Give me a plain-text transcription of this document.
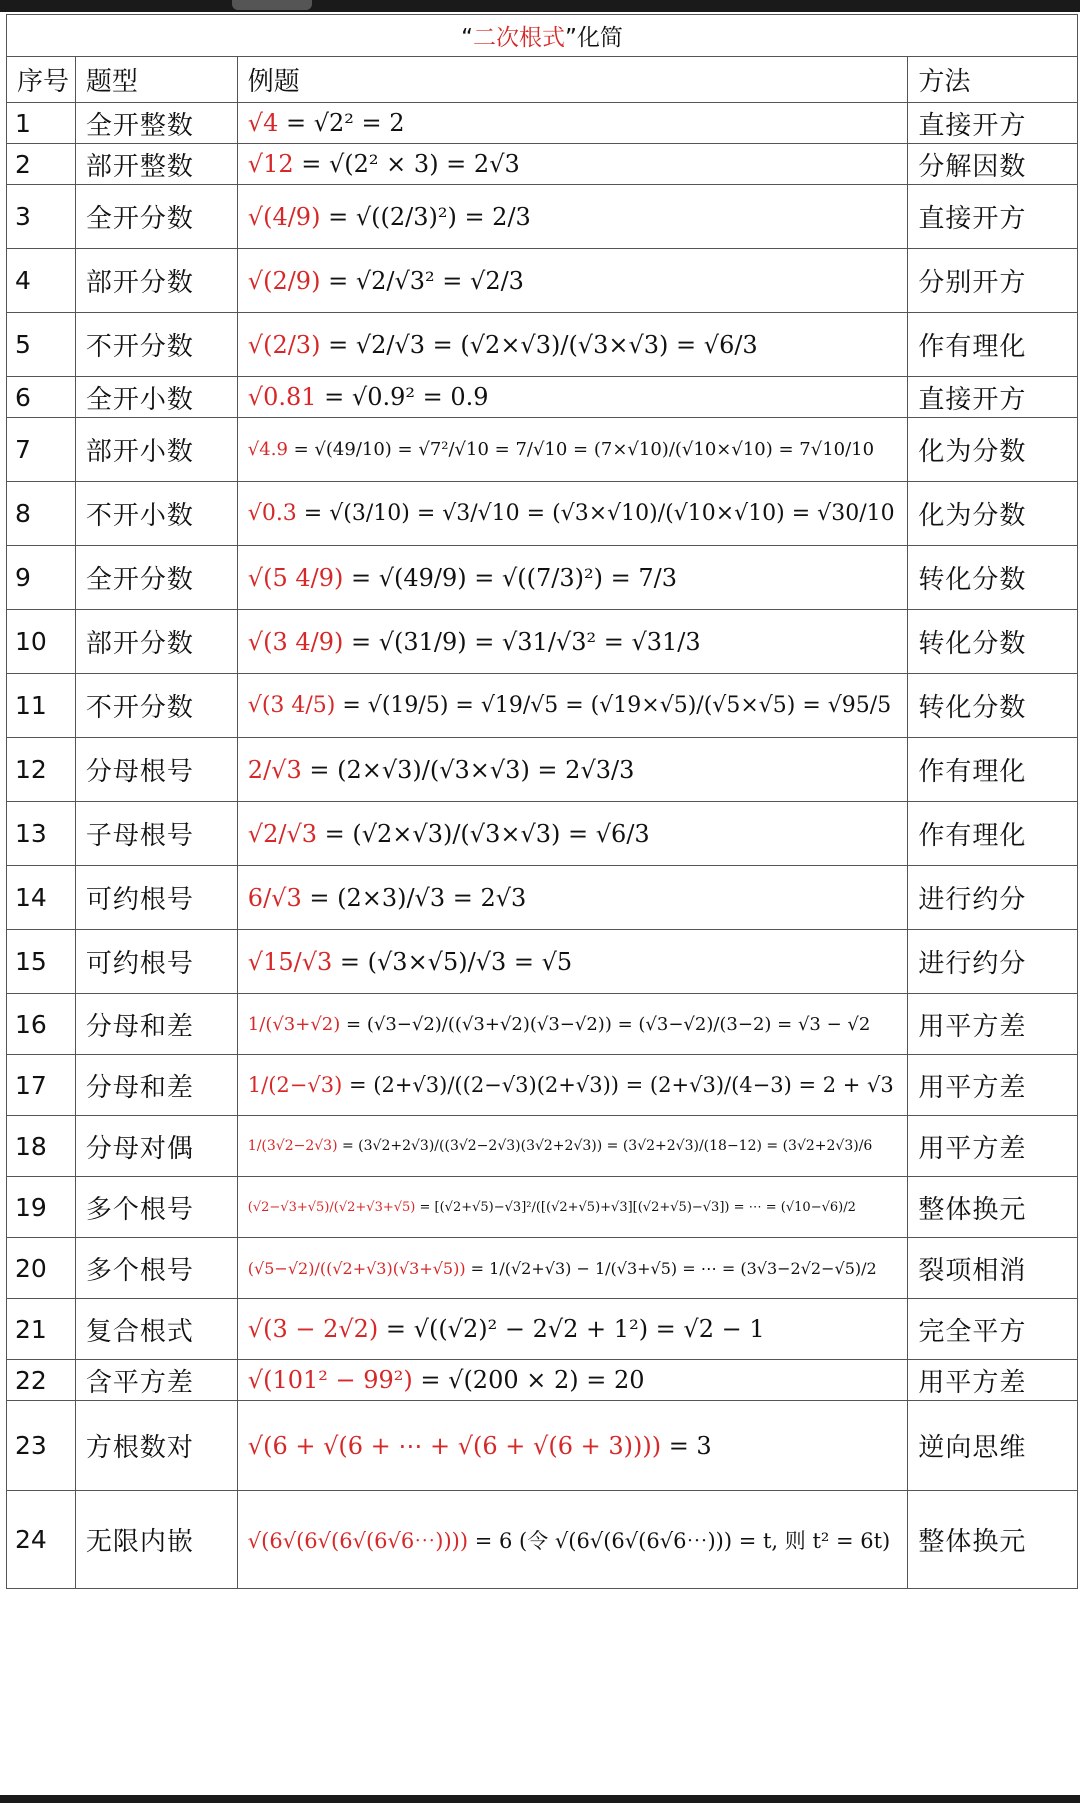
“二次根式”化简			
序号	题型	例题	方法
1	全开整数	√4 = √2² = 2	直接开方
2	部开整数	√12 = √(2² × 3) = 2√3	分解因数
3	全开分数	√(4/9) = √((2/3)²) = 2/3	直接开方
4	部开分数	√(2/9) = √2/√3² = √2/3	分别开方
5	不开分数	√(2/3) = √2/√3 = (√2×√3)/(√3×√3) = √6/3	作有理化
6	全开小数	√0.81 = √0.9² = 0.9	直接开方
7	部开小数	√4.9 = √(49/10) = √7²/√10 = 7/√10 = (7×√10)/(√10×√10) = 7√10/10	化为分数
8	不开小数	√0.3 = √(3/10) = √3/√10 = (√3×√10)/(√10×√10) = √30/10	化为分数
9	全开分数	√(5 4/9) = √(49/9) = √((7/3)²) = 7/3	转化分数
10	部开分数	√(3 4/9) = √(31/9) = √31/√3² = √31/3	转化分数
11	不开分数	√(3 4/5) = √(19/5) = √19/√5 = (√19×√5)/(√5×√5) = √95/5	转化分数
12	分母根号	2/√3 = (2×√3)/(√3×√3) = 2√3/3	作有理化
13	子母根号	√2/√3 = (√2×√3)/(√3×√3) = √6/3	作有理化
14	可约根号	6/√3 = (2×3)/√3 = 2√3	进行约分
15	可约根号	√15/√3 = (√3×√5)/√3 = √5	进行约分
16	分母和差	1/(√3+√2) = (√3−√2)/((√3+√2)(√3−√2)) = (√3−√2)/(3−2) = √3 − √2	用平方差
17	分母和差	1/(2−√3) = (2+√3)/((2−√3)(2+√3)) = (2+√3)/(4−3) = 2 + √3	用平方差
18	分母对偶	1/(3√2−2√3) = (3√2+2√3)/((3√2−2√3)(3√2+2√3)) = (3√2+2√3)/(18−12) = (3√2+2√3)/6	用平方差
19	多个根号	(√2−√3+√5)/(√2+√3+√5) = [(√2+√5)−√3]²/([(√2+√5)+√3][(√2+√5)−√3]) = ⋯ = (√10−√6)/2	整体换元
20	多个根号	(√5−√2)/((√2+√3)(√3+√5)) = 1/(√2+√3) − 1/(√3+√5) = ⋯ = (3√3−2√2−√5)/2	裂项相消
21	复合根式	√(3 − 2√2) = √((√2)² − 2√2 + 1²) = √2 − 1	完全平方
22	含平方差	√(101² − 99²) = √(200 × 2) = 20	用平方差
23	方根数对	√(6 + √(6 + ⋯ + √(6 + √(6 + 3)))) = 3	逆向思维
24	无限内嵌	√(6√(6√(6√(6√6⋯)))) = 6 (令 √(6√(6√(6√6⋯))) = t, 则 t² = 6t)	整体换元
